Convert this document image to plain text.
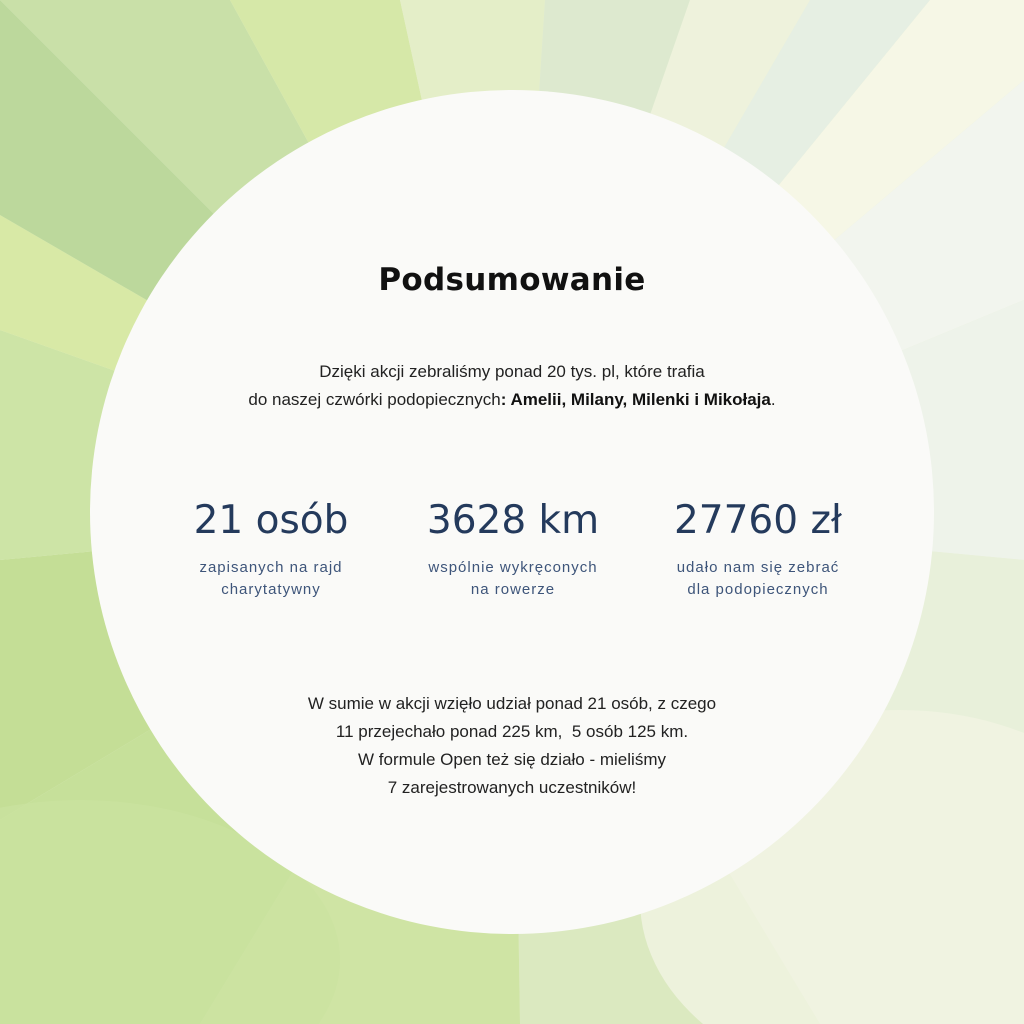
Podsumowanie
Dzięki akcji zebraliśmy ponad 20 tys. pl, które trafia
do naszej czwórki podopiecznych: Amelii, Milany, Milenki i Mikołaja.
21 osób
zapisanych na rajd
charytatywny
3628 km
wspólnie wykręconych
na rowerze
27760 zł
udało nam się zebrać
dla podopiecznych
W sumie w akcji wzięło udział ponad 21 osób, z czego
11 przejechało ponad 225 km,  5 osób 125 km.
W formule Open też się działo - mieliśmy
7 zarejestrowanych uczestników!
